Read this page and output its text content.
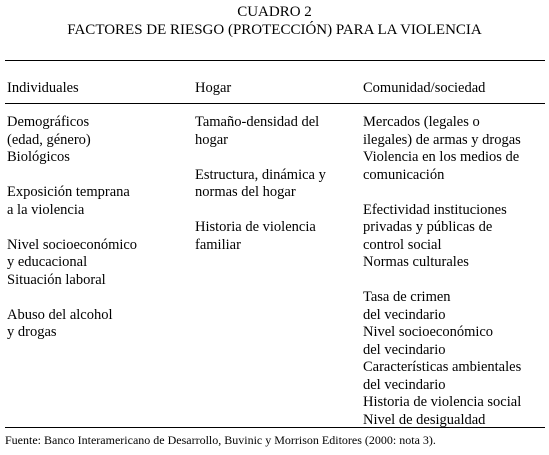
CUADRO 2
FACTORES DE RIESGO (PROTECCIÓN) PARA LA VIOLENCIA
Individuales
Demográficos
(edad, género)
Biológicos
Exposición temprana
a la violencia
Nivel socioeconómico
y educacional
Situación laboral
Abuso del alcohol
y drogas
Hogar
Tamaño-densidad del
hogar
Estructura, dinámica y
normas del hogar
Historia de violencia
familiar
Comunidad/sociedad
Mercados (legales o
ilegales) de armas y drogas
Violencia en los medios de
comunicación
Efectividad instituciones
privadas y públicas de
control social
Normas culturales
Tasa de crimen
del vecindario
Nivel socioeconómico
del vecindario
Características ambientales
del vecindario
Historia de violencia social
Nivel de desigualdad
Fuente: Banco Interamericano de Desarrollo, Buvinic y Morrison Editores (2000: nota 3).
